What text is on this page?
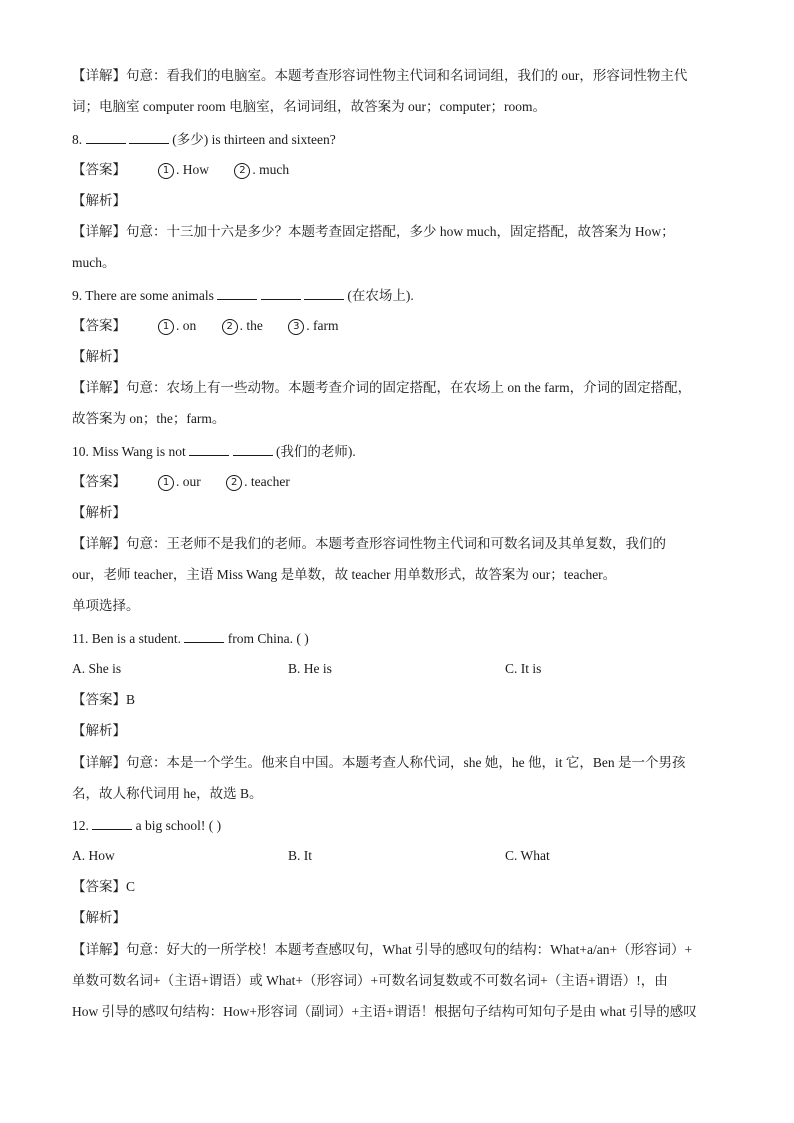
【详解】句意：看我们的电脑室。本题考查形容词性物主代词和名词词组，我们的 our，形容词性物主代
词；电脑室 computer room 电脑室，名词词组，故答案为 our；computer；room。
8.	(多少) is thirteen and sixteen?
【答案】	1 . How	2 . much
【解析】
【详解】句意：十三加十六是多少？本题考查固定搭配，多少 how much，固定搭配，故答案为 How；
much。
9. There are some animals	(在农场上).
【答案】	1 . on	2 . the	3 . farm
【解析】
【详解】句意：农场上有一些动物。本题考查介词的固定搭配，在农场上 on the farm，介词的固定搭配，
故答案为 on；the；farm。
10. Miss Wang is not	(我们的老师).
【答案】	1 . our	2 . teacher
【解析】
【详解】句意：王老师不是我们的老师。本题考查形容词性物主代词和可数名词及其单复数，我们的
our，老师 teacher，主语 Miss Wang 是单数，故 teacher 用单数形式，故答案为 our；teacher。
单项选择。
11. Ben is a student.	from China. ( )
A. She is	B. He is	C. It is
【答案】B
【解析】
【详解】句意：本是一个学生。他来自中国。本题考查人称代词，she 她，he 他，it 它，Ben 是一个男孩
名，故人称代词用 he，故选 B。
12.	a big school! ( )
A. How	B. It	C. What
【答案】C
【解析】
【详解】句意：好大的一所学校！本题考查感叹句，What 引导的感叹句的结构：What+a/an+（形容词）+
单数可数名词+（主语+谓语）或 What+（形容词）+可数名词复数或不可数名词+（主语+谓语）!，由
How 引导的感叹句结构：How+形容词（副词）+主语+谓语！根据句子结构可知句子是由 what 引导的感叹
